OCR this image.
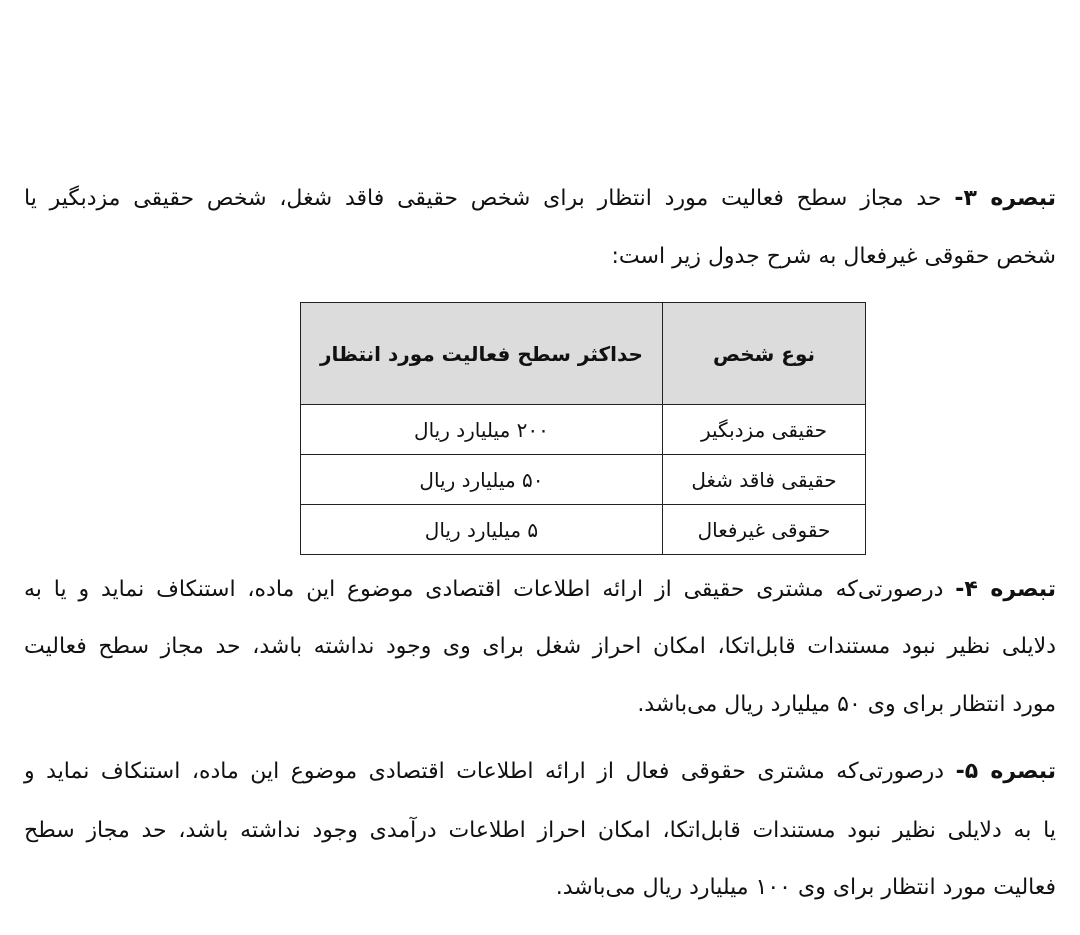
تبصره ۳- حد مجاز سطح فعالیت مورد انتظار برای شخص حقیقی فاقد شغل، شخص حقیقی مزدبگیر یا
شخص حقوقی غیرفعال به شرح جدول زیر است:
نوع شخص	حداکثر سطح فعالیت مورد انتظار
حقیقی مزدبگیر	۲۰۰ میلیارد ریال
حقیقی فاقد شغل	۵۰ میلیارد ریال
حقوقی غیرفعال	۵ میلیارد ریال
تبصره ۴- درصورتی‌که مشتری حقیقی از ارائه اطلاعات اقتصادی موضوع این ماده، استنکاف نماید و یا به
دلایلی نظیر نبود مستندات قابل‌اتکا، امکان احراز شغل برای وی وجود نداشته باشد، حد مجاز سطح فعالیت
مورد انتظار برای وی ۵۰ میلیارد ریال می‌باشد.
تبصره ۵- درصورتی‌که مشتری حقوقی فعال از ارائه اطلاعات اقتصادی موضوع این ماده، استنکاف نماید و
یا به دلایلی نظیر نبود مستندات قابل‌اتکا، امکان احراز اطلاعات درآمدی وجود نداشته باشد، حد مجاز سطح
فعالیت مورد انتظار برای وی ۱۰۰ میلیارد ریال می‌باشد.
